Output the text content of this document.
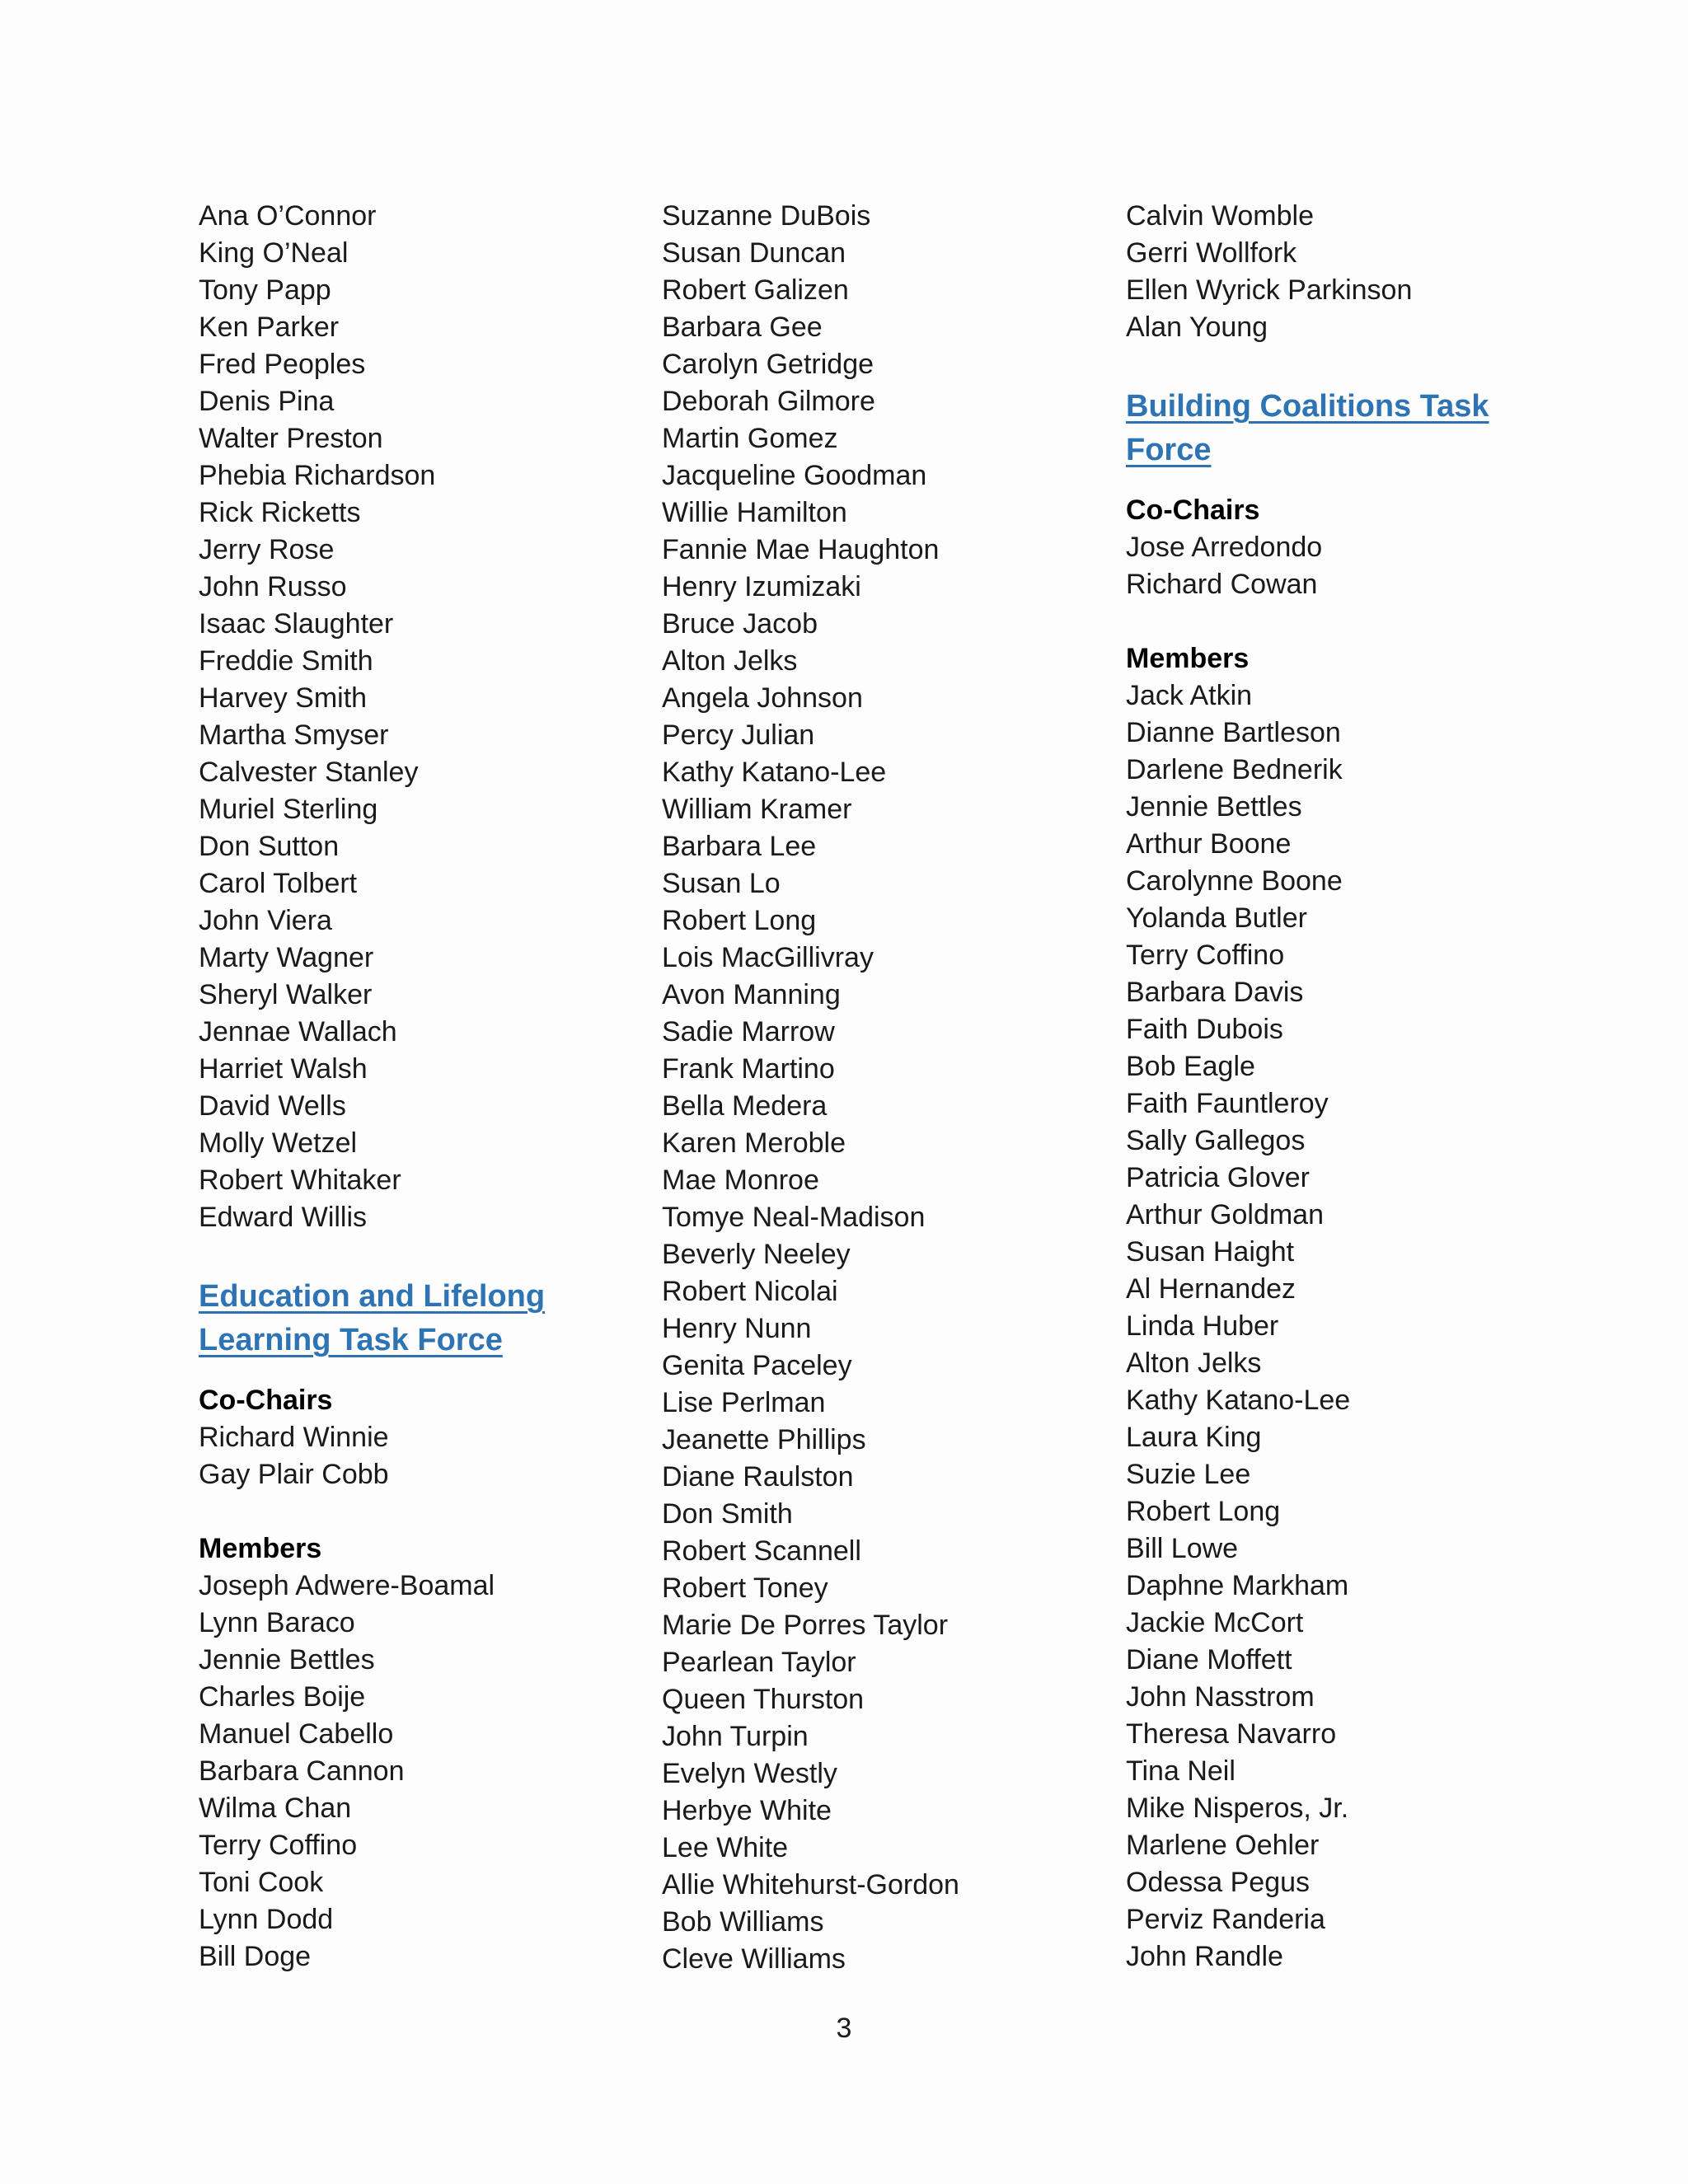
Ana O’Connor
King O’Neal
Tony Papp
Ken Parker
Fred Peoples
Denis Pina
Walter Preston
Phebia Richardson
Rick Ricketts
Jerry Rose
John Russo
Isaac Slaughter
Freddie Smith
Harvey Smith
Martha Smyser
Calvester Stanley
Muriel Sterling
Don Sutton
Carol Tolbert
John Viera
Marty Wagner
Sheryl Walker
Jennae Wallach
Harriet Walsh
David Wells
Molly Wetzel
Robert Whitaker
Edward Willis
Education and Lifelong
Learning Task Force
Co-Chairs
Richard Winnie
Gay Plair Cobb
Members
Joseph Adwere-Boamal
Lynn Baraco
Jennie Bettles
Charles Boije
Manuel Cabello
Barbara Cannon
Wilma Chan
Terry Coffino
Toni Cook
Lynn Dodd
Bill Doge
Suzanne DuBois
Susan Duncan
Robert Galizen
Barbara Gee
Carolyn Getridge
Deborah Gilmore
Martin Gomez
Jacqueline Goodman
Willie Hamilton
Fannie Mae Haughton
Henry Izumizaki
Bruce Jacob
Alton Jelks
Angela Johnson
Percy Julian
Kathy Katano-Lee
William Kramer
Barbara Lee
Susan Lo
Robert Long
Lois MacGillivray
Avon Manning
Sadie Marrow
Frank Martino
Bella Medera
Karen Meroble
Mae Monroe
Tomye Neal-Madison
Beverly Neeley
Robert Nicolai
Henry Nunn
Genita Paceley
Lise Perlman
Jeanette Phillips
Diane Raulston
Don Smith
Robert Scannell
Robert Toney
Marie De Porres Taylor
Pearlean Taylor
Queen Thurston
John Turpin
Evelyn Westly
Herbye White
Lee White
Allie Whitehurst-Gordon
Bob Williams
Cleve Williams
Calvin Womble
Gerri Wollfork
Ellen Wyrick Parkinson
Alan Young
Building Coalitions Task
Force
Co-Chairs
Jose Arredondo
Richard Cowan
Members
Jack Atkin
Dianne Bartleson
Darlene Bednerik
Jennie Bettles
Arthur Boone
Carolynne Boone
Yolanda Butler
Terry Coffino
Barbara Davis
Faith Dubois
Bob Eagle
Faith Fauntleroy
Sally Gallegos
Patricia Glover
Arthur Goldman
Susan Haight
Al Hernandez
Linda Huber
Alton Jelks
Kathy Katano-Lee
Laura King
Suzie Lee
Robert Long
Bill Lowe
Daphne Markham
Jackie McCort
Diane Moffett
John Nasstrom
Theresa Navarro
Tina Neil
Mike Nisperos, Jr.
Marlene Oehler
Odessa Pegus
Perviz Randeria
John Randle
3
